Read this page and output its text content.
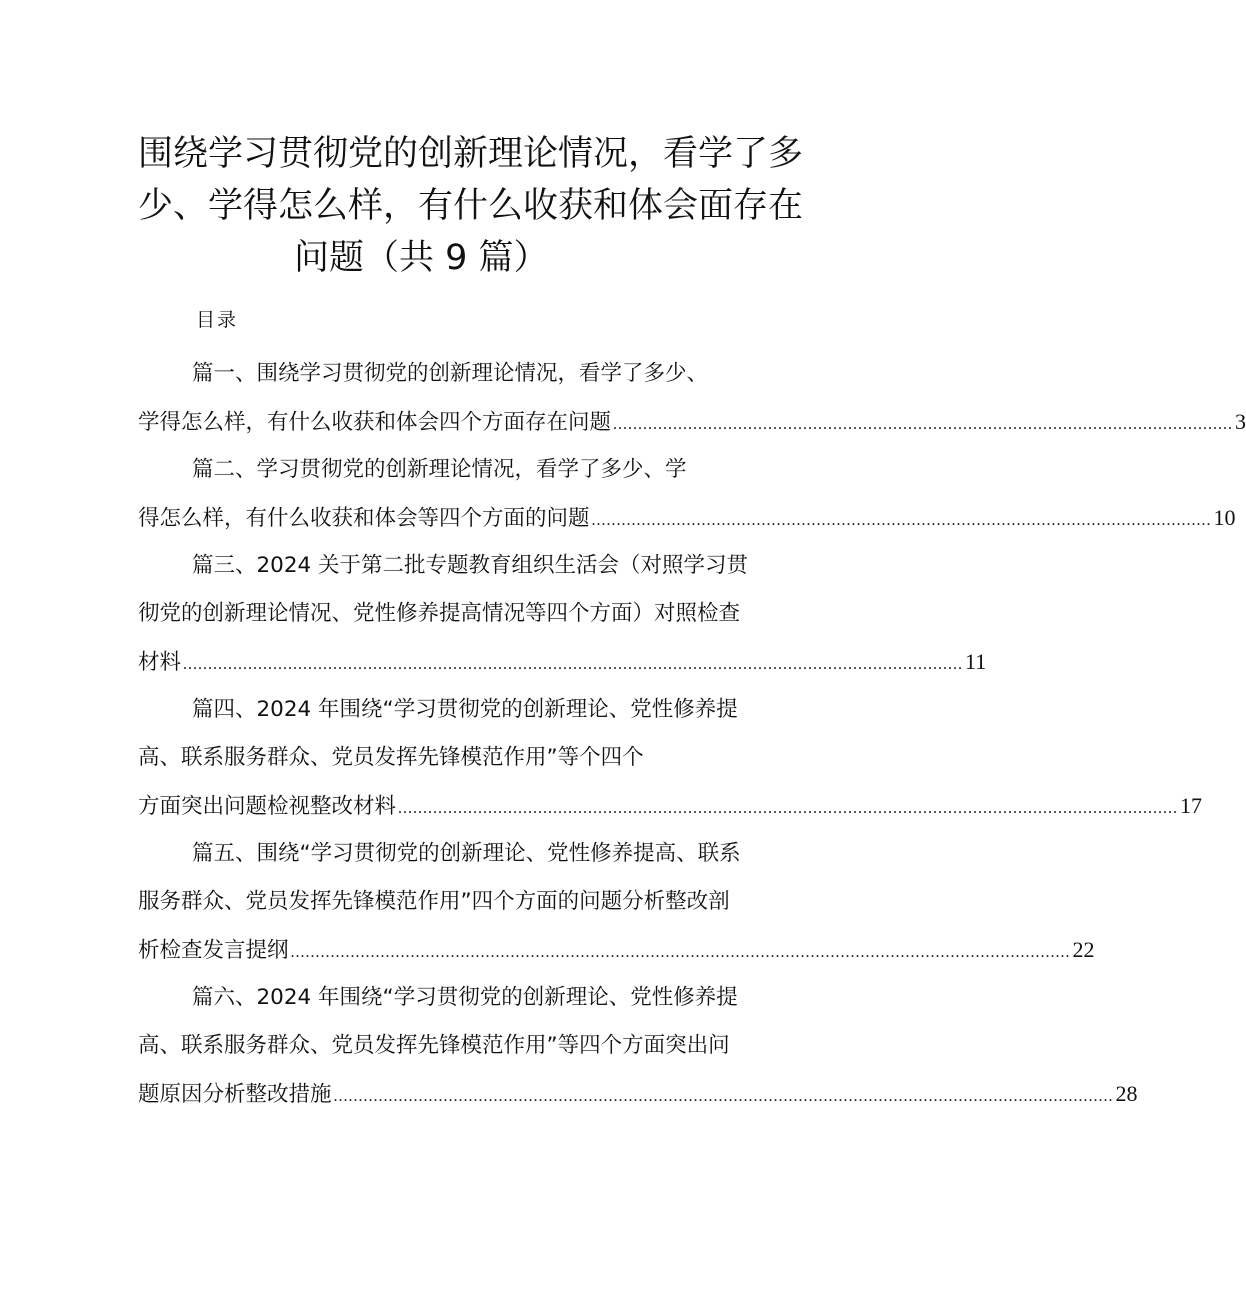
围绕学习贯彻党的创新理论情况，看学了多
少、学得怎么样，有什么收获和体会面存在
问题（共 9 篇）
目录
篇一、围绕学习贯彻党的创新理论情况，看学了多少、
学得怎么样，有什么收获和体会四个方面存在问题 ............................................................................................................................ 3
篇二、学习贯彻党的创新理论情况，看学了多少、学
得怎么样，有什么收获和体会等四个方面的问题 ............................................................................................................................ 10
篇三、2024 关于第二批专题教育组织生活会（对照学习贯
彻党的创新理论情况、党性修养提高情况等四个方面）对照检查
材料 ............................................................................................................................................................ 11
篇四、2024 年围绕“学习贯彻党的创新理论、党性修养提
高、联系服务群众、党员发挥先锋模范作用”等个四个
方面突出问题检视整改材料 ............................................................................................................................................................ 17
篇五、围绕“学习贯彻党的创新理论、党性修养提高、联系
服务群众、党员发挥先锋模范作用”四个方面的问题分析整改剖
析检查发言提纲 ............................................................................................................................................................ 22
篇六、2024 年围绕“学习贯彻党的创新理论、党性修养提
高、联系服务群众、党员发挥先锋模范作用”等四个方面突出问
题原因分析整改措施 ............................................................................................................................................................ 28
